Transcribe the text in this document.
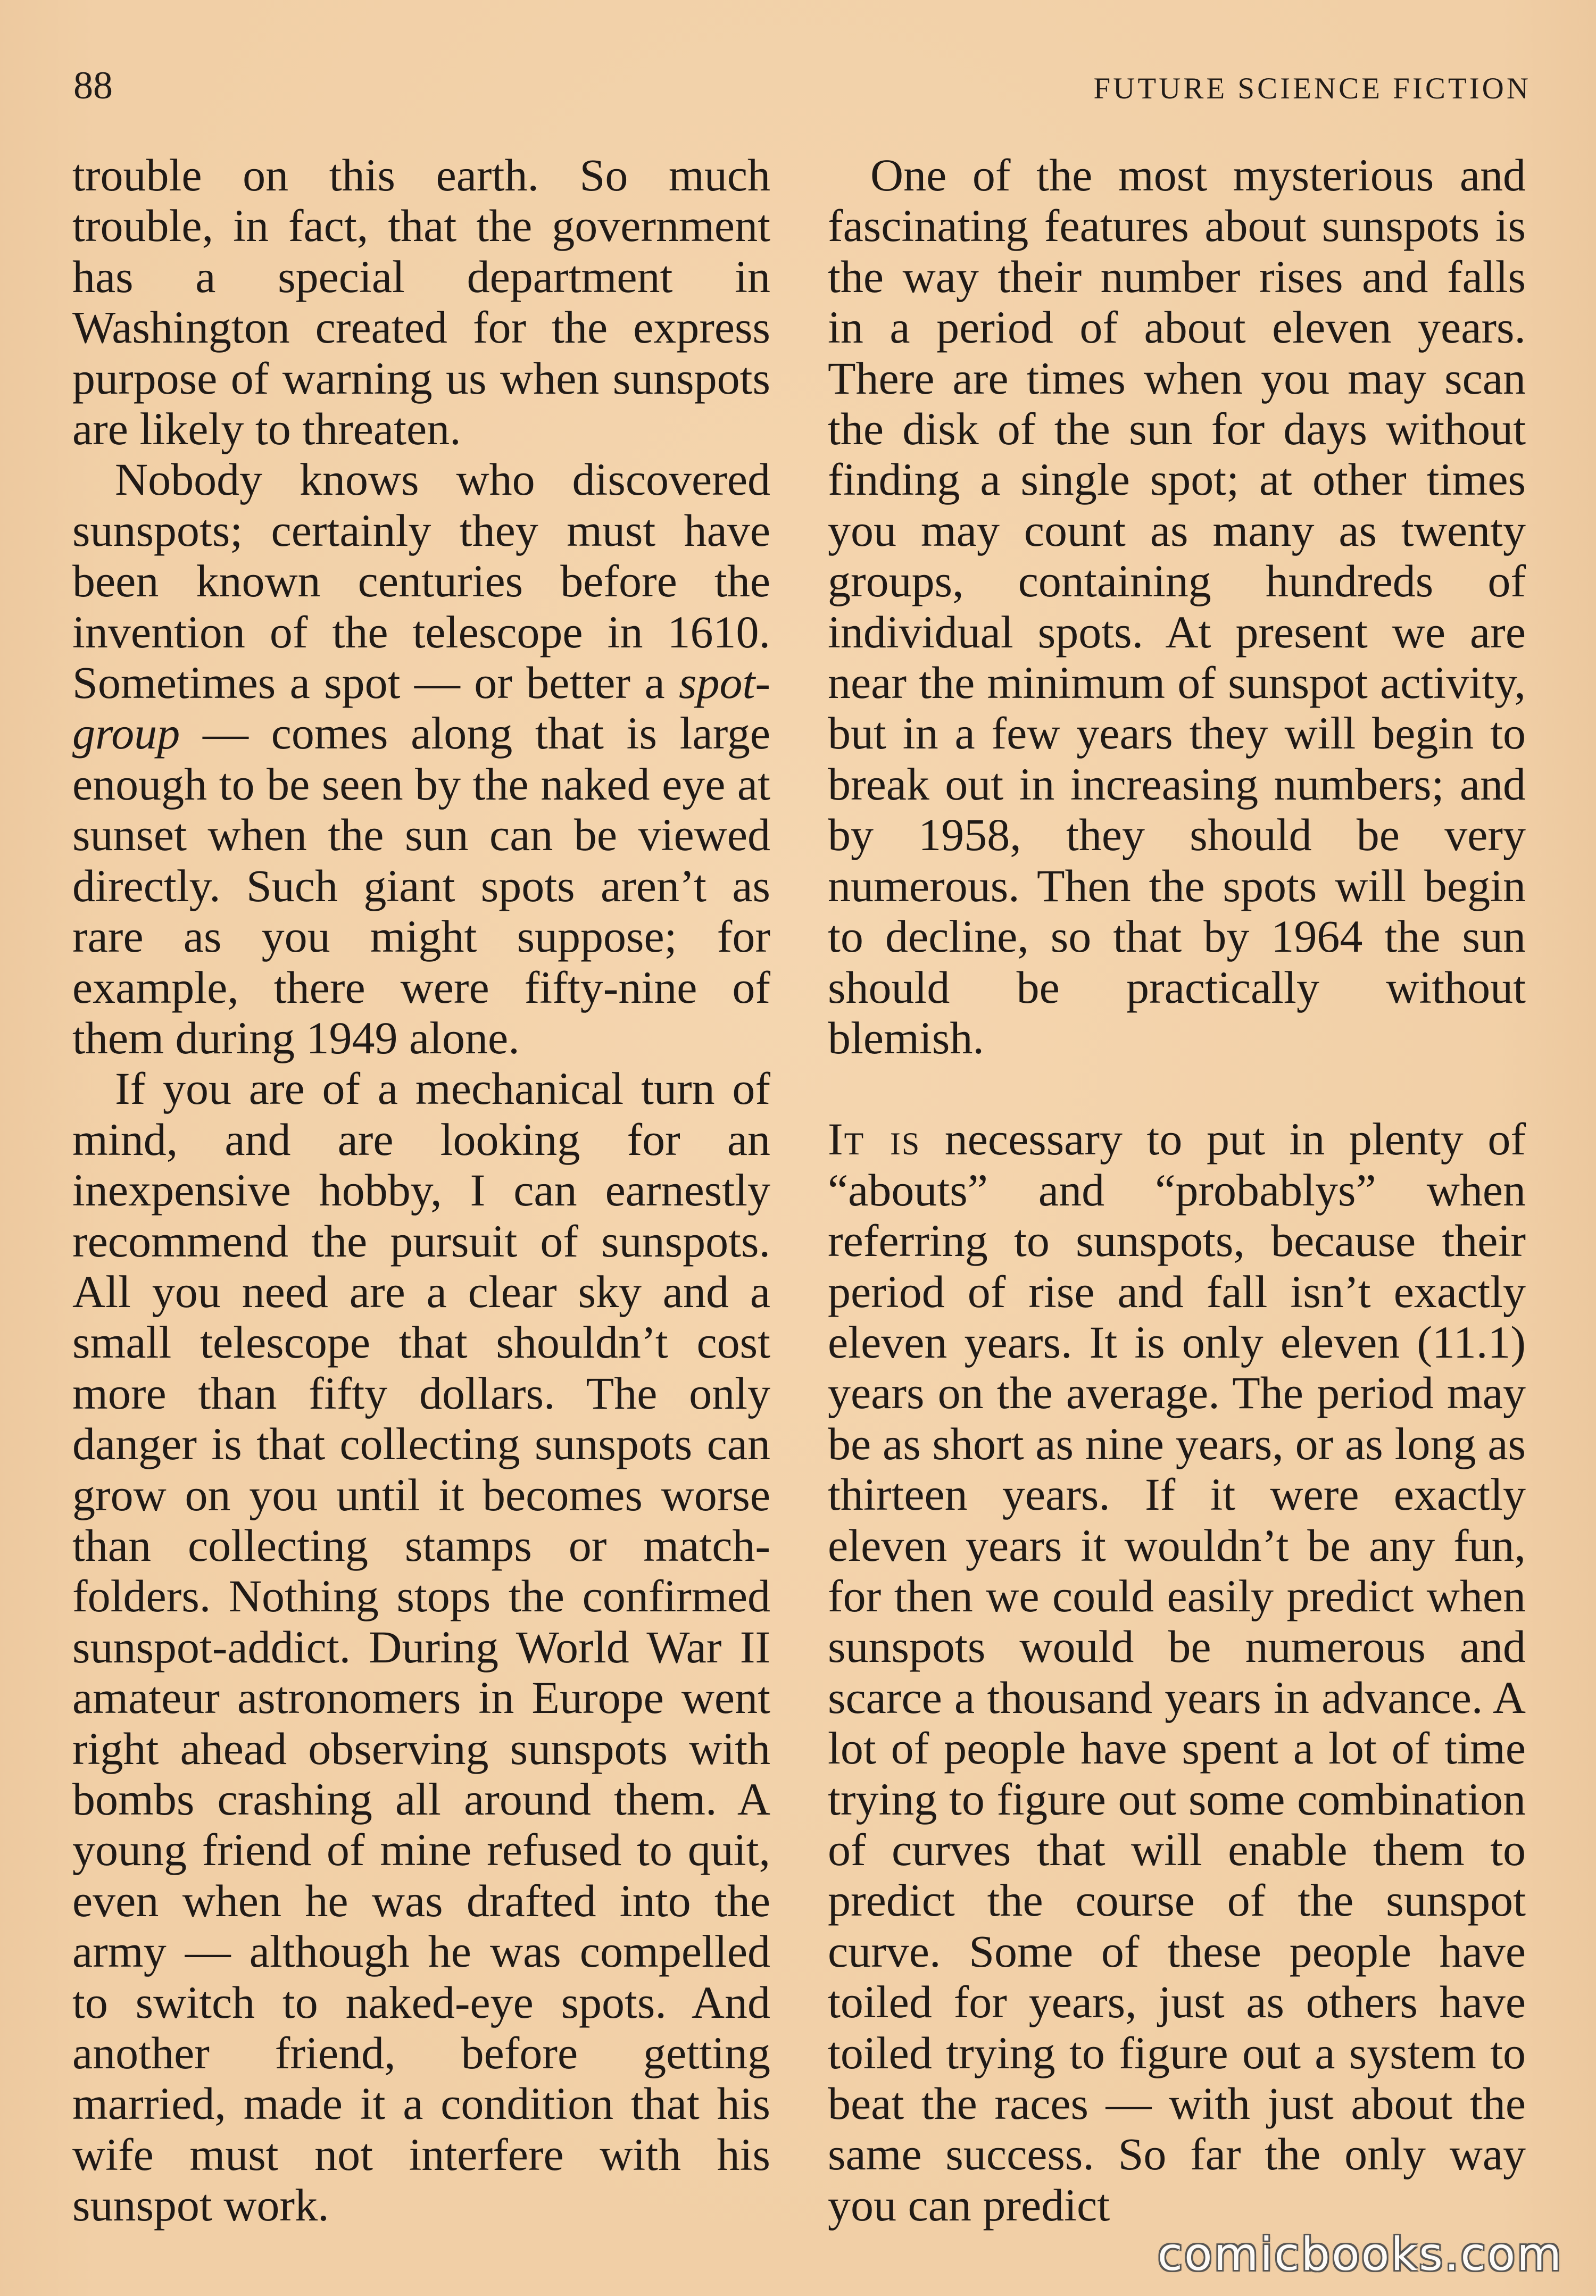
88	FUTURE SCIENCE FICTION

trouble on this earth. So much trouble, in fact, that the government has a special department in Washington created for the express purpose of warning us when sunspots are likely to threaten.

Nobody knows who discovered sunspots; certainly they must have been known centuries before the invention of the telescope in 1610. Sometimes a spot — or better a spot-group — comes along that is large enough to be seen by the naked eye at sunset when the sun can be viewed directly. Such giant spots aren’t as rare as you might suppose; for example, there were fifty-nine of them during 1949 alone.

If you are of a mechanical turn of mind, and are looking for an inexpensive hobby, I can earnestly recommend the pursuit of sunspots. All you need are a clear sky and a small telescope that shouldn’t cost more than fifty dollars. The only danger is that collecting sunspots can grow on you until it becomes worse than collecting stamps or match-folders. Nothing stops the confirmed sunspot-addict. During World War II amateur astronomers in Europe went right ahead observing sunspots with bombs crashing all around them. A young friend of mine refused to quit, even when he was drafted into the army — although he was compelled to switch to naked-eye spots. And another friend, before getting married, made it a condition that his wife must not interfere with his sunspot work.

One of the most mysterious and fascinating features about sunspots is the way their number rises and falls in a period of about eleven years. There are times when you may scan the disk of the sun for days without finding a single spot; at other times you may count as many as twenty groups, containing hundreds of individual spots. At present we are near the minimum of sunspot activity, but in a few years they will begin to break out in increasing numbers; and by 1958, they should be very numerous. Then the spots will begin to decline, so that by 1964 the sun should be practically without blemish.

It is necessary to put in plenty of “abouts” and “probablys” when referring to sunspots, because their period of rise and fall isn’t exactly eleven years. It is only eleven (11.1) years on the average. The period may be as short as nine years, or as long as thirteen years. If it were exactly eleven years it wouldn’t be any fun, for then we could easily predict when sunspots would be numerous and scarce a thousand years in advance. A lot of people have spent a lot of time trying to figure out some combination of curves that will enable them to predict the course of the sunspot curve. Some of these people have toiled for years, just as others have toiled trying to figure out a system to beat the races — with just about the same success. So far the only way you can predict

comicbooks.com
